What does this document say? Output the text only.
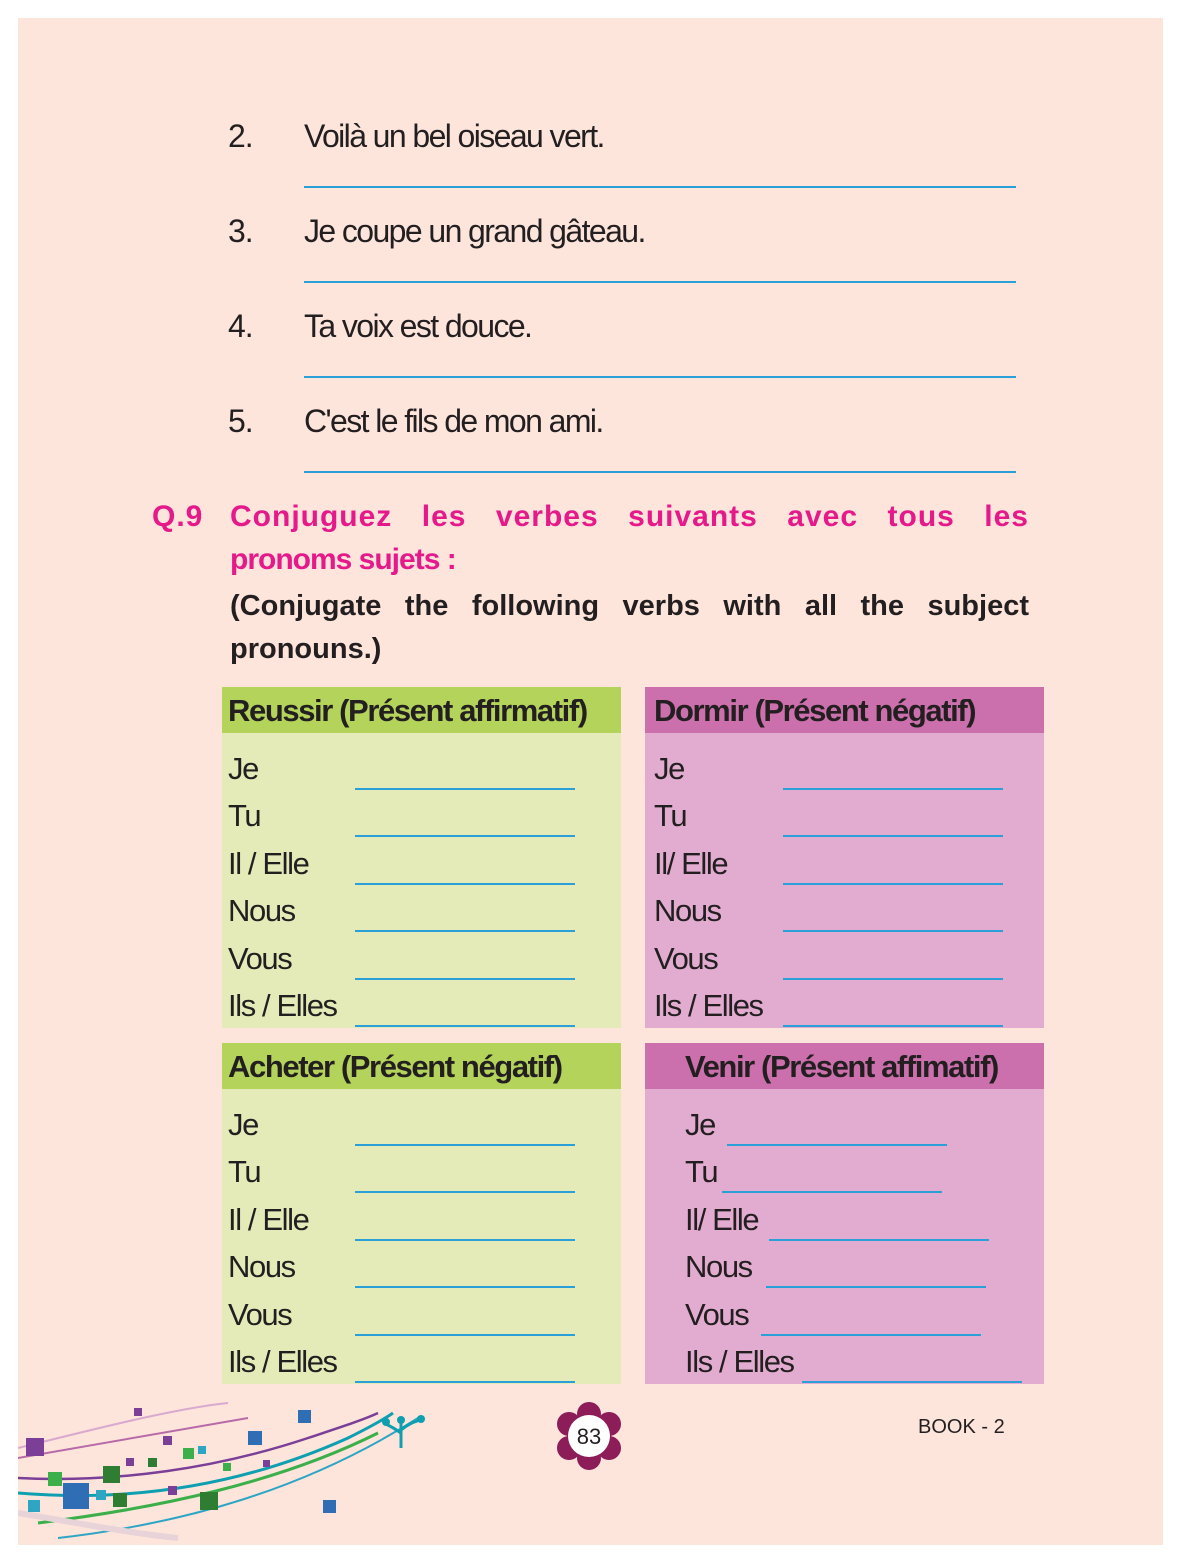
2. Voilà un bel oiseau vert.
3. Je coupe un grand gâteau.
4. Ta voix est douce.
5. C'est le fils de mon ami.
Q.9 Conjuguez les verbes suivants avec tous les
pronoms sujets :
(Conjugate the following verbs with all the subject
pronouns.)
Reussir (Présent affirmatif)
Je
Tu
Il / Elle
Nous
Vous
Ils / Elles
Dormir (Présent négatif)
Je
Tu
Il/ Elle
Nous
Vous
Ils / Elles
Acheter (Présent négatif)
Je
Tu
Il / Elle
Nous
Vous
Ils / Elles
Venir (Présent affimatif)
Je
Tu
Il/ Elle
Nous
Vous
Ils / Elles
83	BOOK - 2
